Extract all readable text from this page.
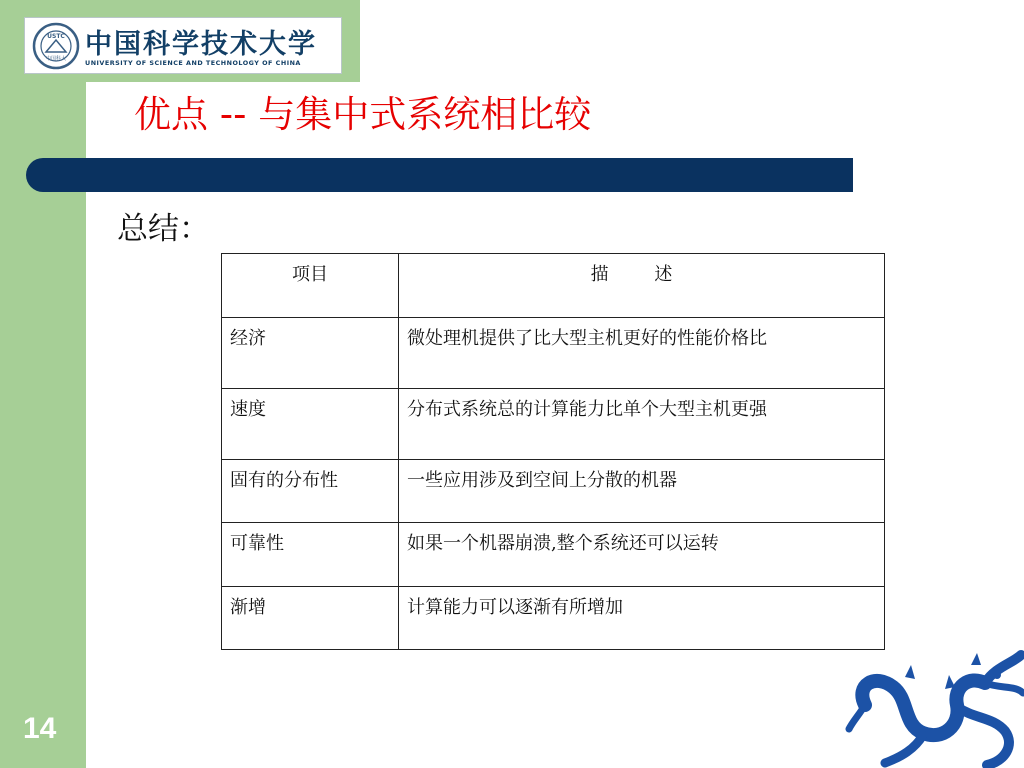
USTC
中国科大 中国科学技术大学
UNIVERSITY OF SCIENCE AND TECHNOLOGY OF CHINA
优点 -- 与集中式系统相比较
总结：
项目	描 述
经济	微处理机提供了比大型主机更好的性能价格比
速度	分布式系统总的计算能力比单个大型主机更强
固有的分布性	一些应用涉及到空间上分散的机器
可靠性	如果一个机器崩溃,整个系统还可以运转
渐增	计算能力可以逐渐有所增加
14
